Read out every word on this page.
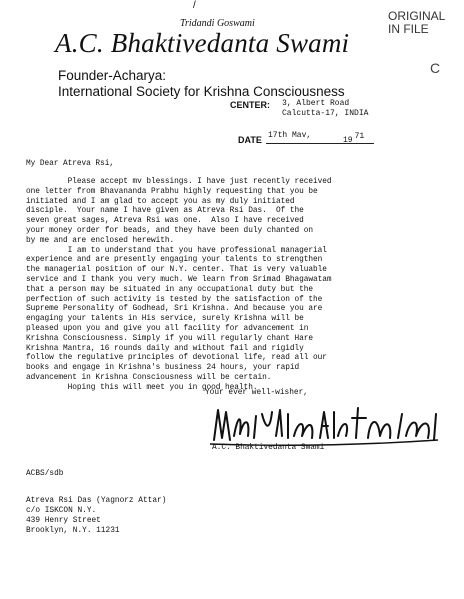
/
Tridandi Goswami
A.C. Bhaktivedanta Swami
ORIGINAL
IN FILE
C
Founder-Acharya:
International Society for Krishna Consciousness
CENTER: 3, Albert Road
Calcutta-17, INDIA
DATE 17th Mav,
19 71
My Dear Atreva Rsi,
Please accept mv blessings. I have just recently received
one letter from Bhavananda Prabhu highly requesting that you be
initiated and I am glad to accept you as my duly initiated
disciple.  Your name I have given as Atreva Rsi Das.  Of the
seven great sages, Atreva Rsi was one.  Also I have received
your money order for beads, and they have been duly chanted on
by me and are enclosed herewith.
I am to understand that you have professional managerial
experience and are presently engaging your talents to strengthen
the managerial position of our N.Y. center. That is very valuable
service and I thank you very much. We learn from Srimad Bhagawatam
that a person may be situated in any occupational duty but the
perfection of such activity is tested by the satisfaction of the
Supreme Personality of Godhead, Sri Krishna. And because you are
engaging your talents in His service, surely Krishna will be
pleased upon you and give you all facility for advancement in
Krishna Consciousness. Simply if you will regularly chant Hare
Krishna Mantra, 16 rounds daily and without fail and rigidly
follow the regulative principles of devotional life, read all our
books and engage in Krishna's business 24 hours, your rapid
advancement in Krishna Consciousness will be certain.
Hoping this will meet you in good health.
Your ever well-wisher,
A.C. Bhaktivedanta Swami
ACBS/sdb
Atreva Rsi Das (Yagnorz Attar)
c/o ISKCON N.Y.
439 Henry Street
Brooklyn, N.Y. 11231
